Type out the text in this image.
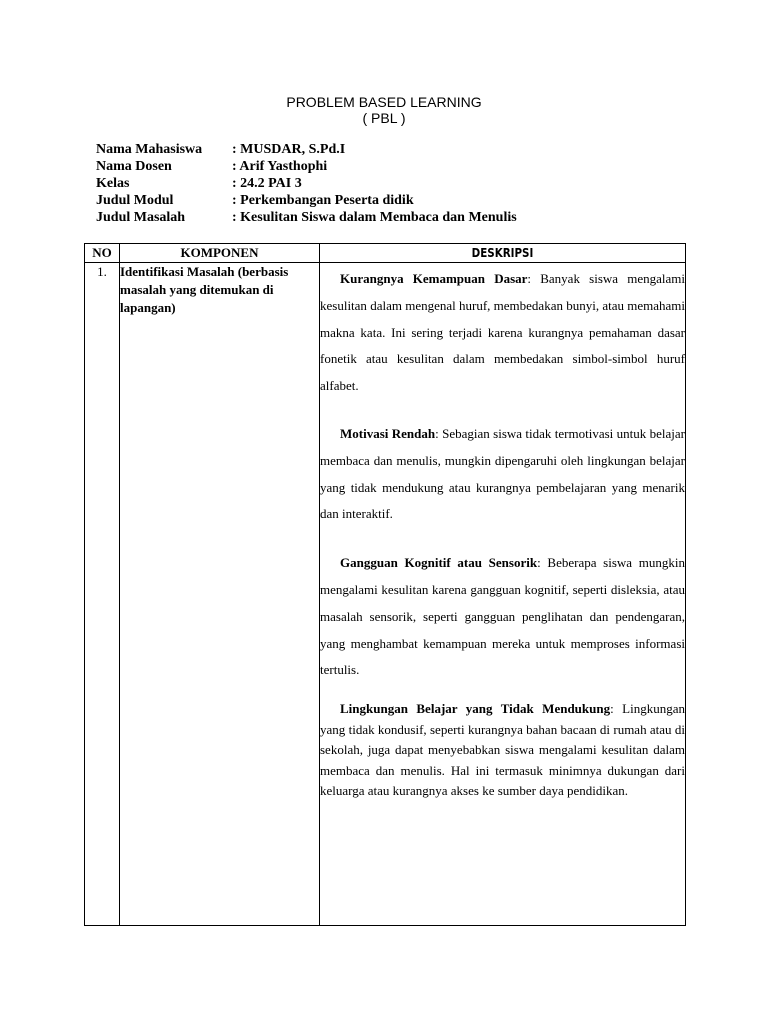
PROBLEM BASED LEARNING
( PBL )
Nama Mahasiswa	: MUSDAR, S.Pd.I
Nama Dosen	: Arif Yasthophi
Kelas	: 24.2 PAI 3
Judul Modul	: Perkembangan Peserta didik
Judul Masalah	: Kesulitan Siswa dalam Membaca dan Menulis
NO	KOMPONEN	DESKRIPSI

1.	Identifikasi Masalah (berbasis masalah yang ditemukan di lapangan)	Kurangnya Kemampuan Dasar: Banyak siswa mengalami kesulitan dalam mengenal huruf, membedakan bunyi, atau memahami makna kata. Ini sering terjadi karena kurangnya pemahaman dasar fonetik atau kesulitan dalam membedakan simbol-simbol huruf alfabet.

Motivasi Rendah: Sebagian siswa tidak termotivasi untuk belajar membaca dan menulis, mungkin dipengaruhi oleh lingkungan belajar yang tidak mendukung atau kurangnya pembelajaran yang menarik dan interaktif.

Gangguan Kognitif atau Sensorik: Beberapa siswa mungkin mengalami kesulitan karena gangguan kognitif, seperti disleksia, atau masalah sensorik, seperti gangguan penglihatan dan pendengaran, yang menghambat kemampuan mereka untuk memproses informasi tertulis.

Lingkungan Belajar yang Tidak Mendukung: Lingkungan yang tidak kondusif, seperti kurangnya bahan bacaan di rumah atau di sekolah, juga dapat menyebabkan siswa mengalami kesulitan dalam membaca dan menulis. Hal ini termasuk minimnya dukungan dari keluarga atau kurangnya akses ke sumber daya pendidikan.
